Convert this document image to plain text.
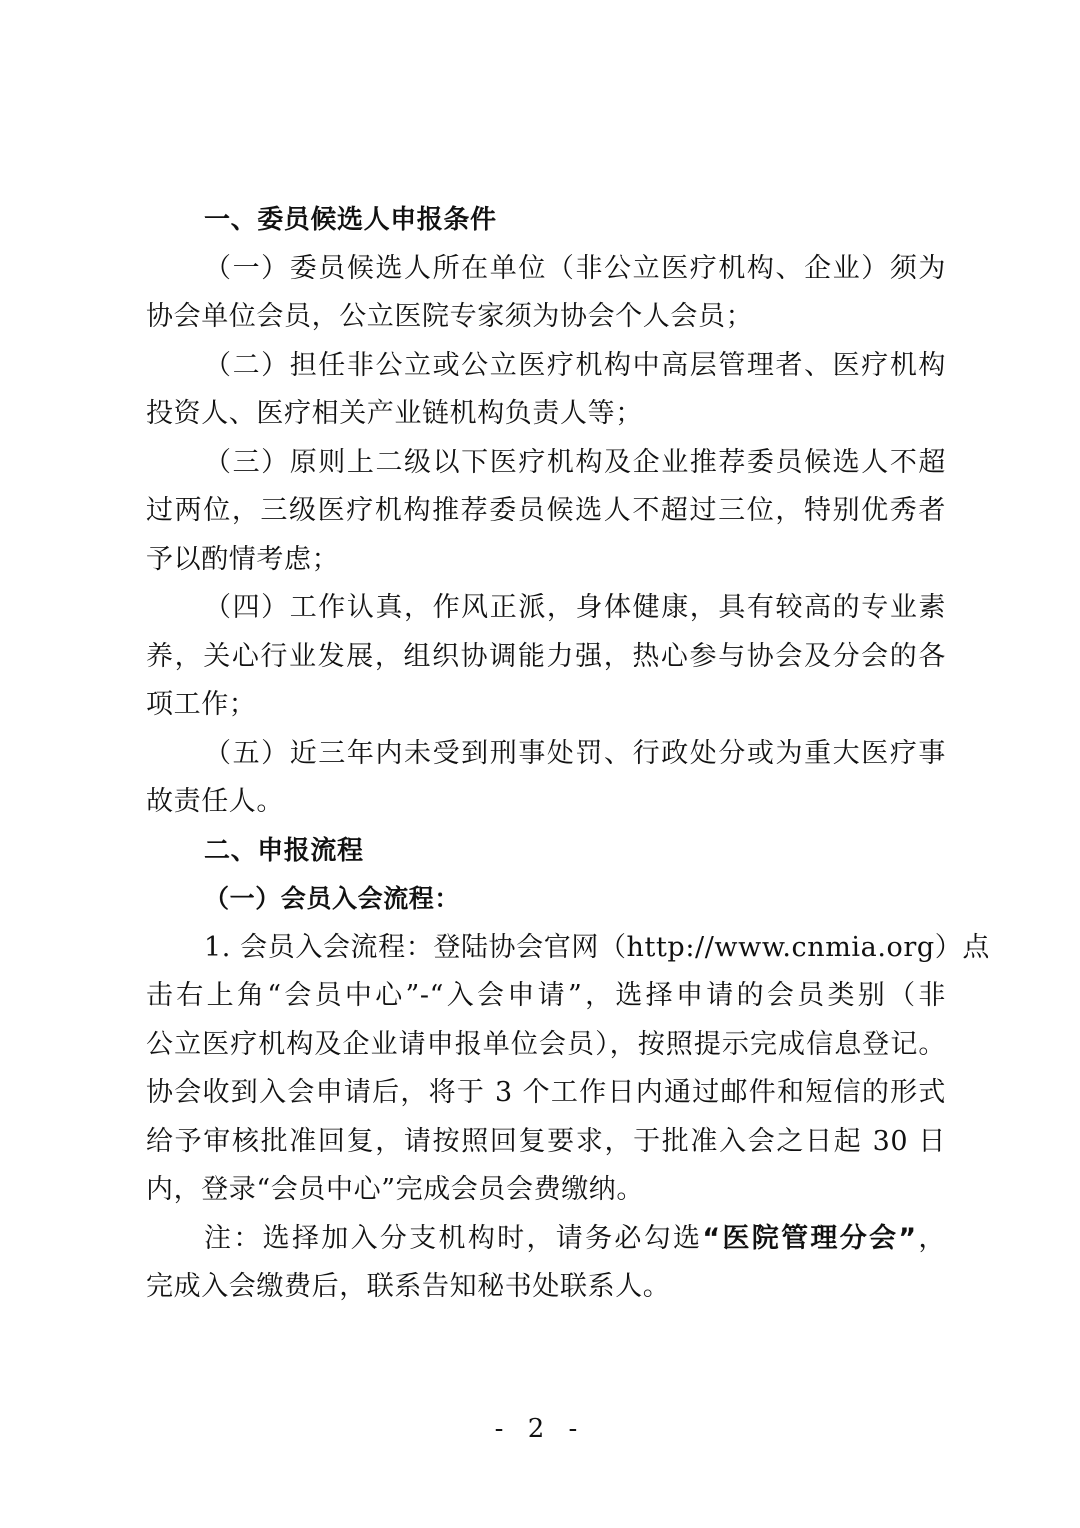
一、委员候选人申报条件
（一）委员候选人所在单位（非公立医疗机构、企业）须为
协会单位会员，公立医院专家须为协会个人会员；
（二）担任非公立或公立医疗机构中高层管理者、医疗机构
投资人、医疗相关产业链机构负责人等；
（三）原则上二级以下医疗机构及企业推荐委员候选人不超
过两位，三级医疗机构推荐委员候选人不超过三位，特别优秀者
予以酌情考虑；
（四）工作认真，作风正派，身体健康，具有较高的专业素
养，关心行业发展，组织协调能力强，热心参与协会及分会的各
项工作；
（五）近三年内未受到刑事处罚、行政处分或为重大医疗事
故责任人。
二、申报流程
（一）会员入会流程：
1. 会员入会流程：登陆协会官网（http://www.cnmia.org）点
击右上角“会员中心”-“入会申请”，选择申请的会员类别（非
公立医疗机构及企业请申报单位会员），按照提示完成信息登记。
协会收到入会申请后，将于 3 个工作日内通过邮件和短信的形式
给予审核批准回复，请按照回复要求，于批准入会之日起 30 日
内，登录“会员中心”完成会员会费缴纳。
注：选择加入分支机构时，请务必勾选“医院管理分会”，
完成入会缴费后，联系告知秘书处联系人。
- 2 -
